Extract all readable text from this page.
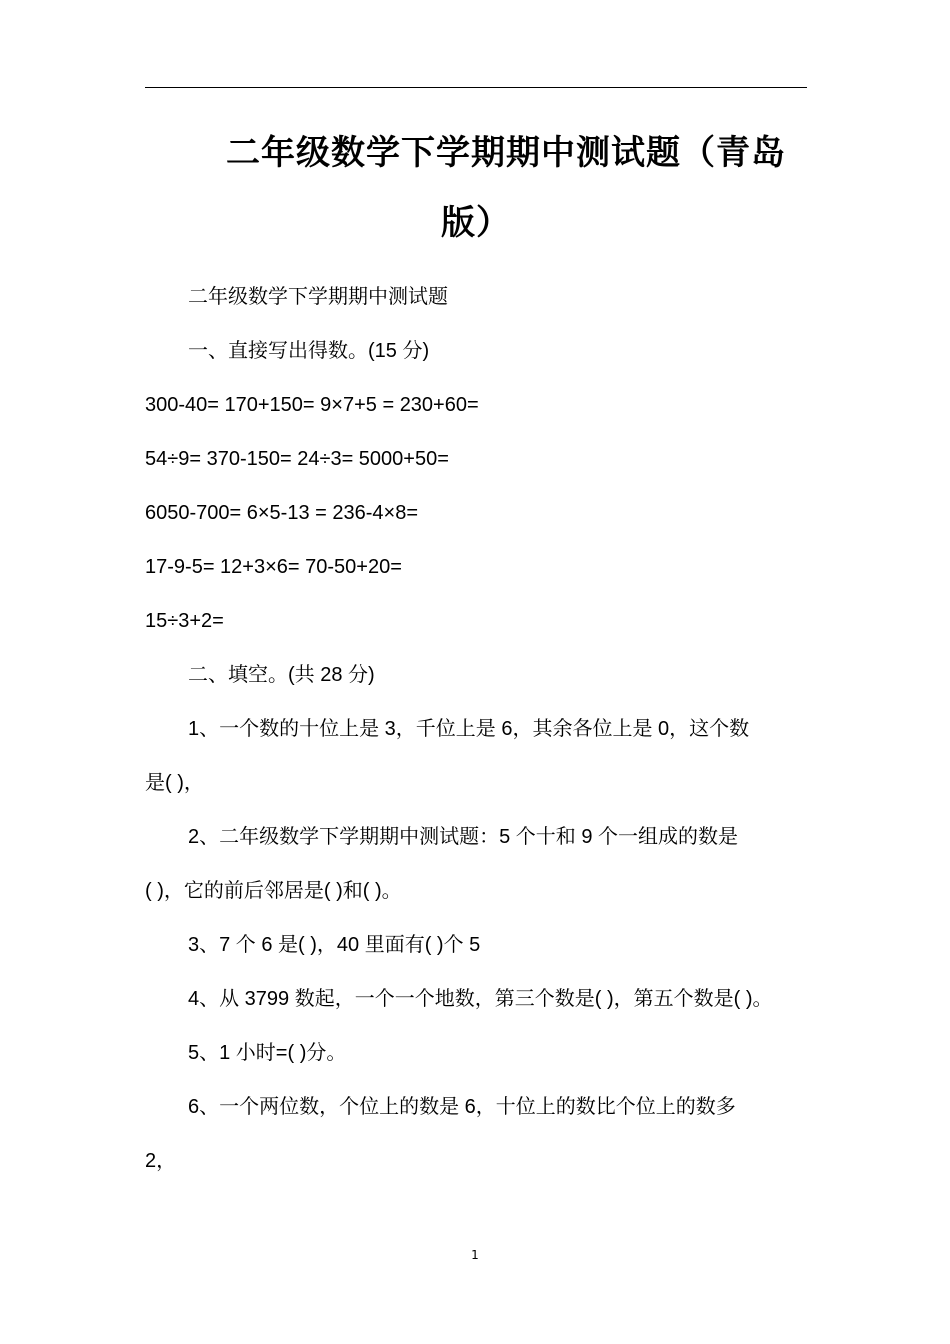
二年级数学下学期期中测试题（青岛
版）
二年级数学下学期期中测试题
一、直接写出得数。(15 分)
300-40= 170+150= 9×7+5 = 230+60=
54÷9= 370-150= 24÷3= 5000+50=
6050-700= 6×5-13 = 236-4×8=
17-9-5= 12+3×6= 70-50+20=
15÷3+2=
二、填空。(共 28 分)
1、一个数的十位上是 3，千位上是 6，其余各位上是 0，这个数
是( )，
2、二年级数学下学期期中测试题：5 个十和 9 个一组成的数是
( )，它的前后邻居是( )和( )。
3、7 个 6 是( )，40 里面有( )个 5
4、从 3799 数起，一个一个地数，第三个数是( )，第五个数是( )。
5、1 小时=( )分。
6、一个两位数，个位上的数是 6，十位上的数比个位上的数多
2，
1
